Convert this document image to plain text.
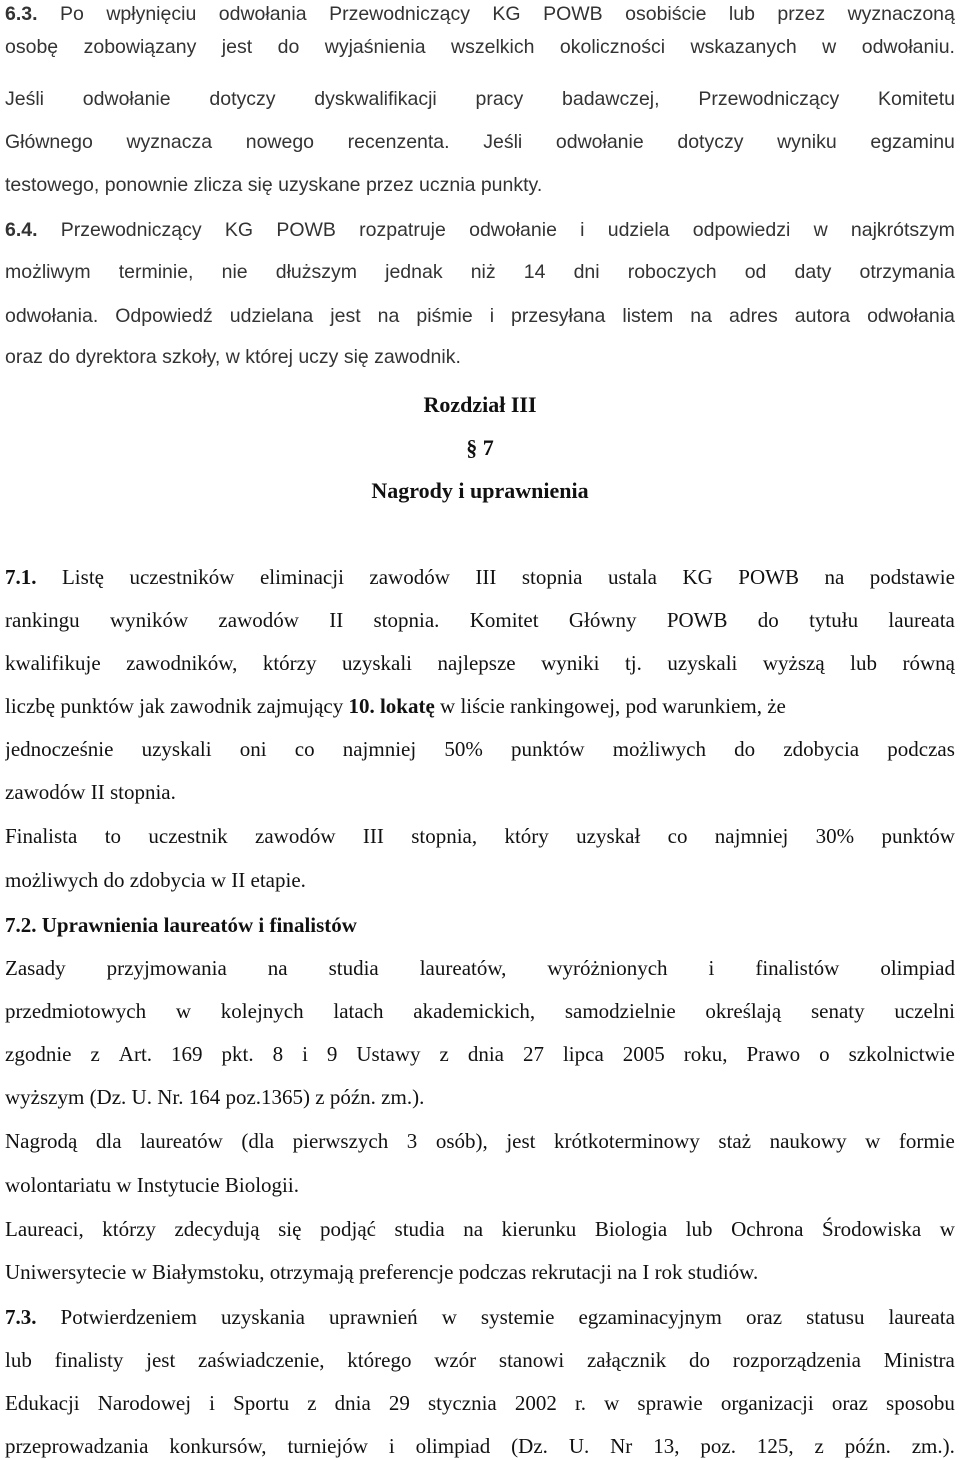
6.3. Po wpłynięciu odwołania Przewodniczący KG POWB osobiście lub przez wyznaczoną
osobę zobowiązany jest do wyjaśnienia wszelkich okoliczności wskazanych w odwołaniu.
Jeśli odwołanie dotyczy dyskwalifikacji pracy badawczej, Przewodniczący Komitetu
Głównego wyznacza nowego recenzenta. Jeśli odwołanie dotyczy wyniku egzaminu
testowego, ponownie zlicza się uzyskane przez ucznia punkty.
6.4. Przewodniczący KG POWB rozpatruje odwołanie i udziela odpowiedzi w najkrótszym
możliwym terminie, nie dłuższym jednak niż 14 dni roboczych od daty otrzymania
odwołania. Odpowiedź udzielana jest na piśmie i przesyłana listem na adres autora odwołania
oraz do dyrektora szkoły, w której uczy się zawodnik.
Rozdział III
§ 7
Nagrody i uprawnienia
7.1. Listę uczestników eliminacji zawodów III stopnia ustala KG POWB na podstawie
rankingu wyników zawodów II stopnia. Komitet Główny POWB do tytułu laureata
kwalifikuje zawodników, którzy uzyskali najlepsze wyniki tj. uzyskali wyższą lub równą
liczbę punktów jak zawodnik zajmujący 10. lokatę w liście rankingowej, pod warunkiem, że
jednocześnie uzyskali oni co najmniej 50% punktów możliwych do zdobycia podczas
zawodów II stopnia.
Finalista to uczestnik zawodów III stopnia, który uzyskał co najmniej 30% punktów
możliwych do zdobycia w II etapie.
7.2. Uprawnienia laureatów i finalistów
Zasady przyjmowania na studia laureatów, wyróżnionych i finalistów olimpiad
przedmiotowych w kolejnych latach akademickich, samodzielnie określają senaty uczelni
zgodnie z Art. 169 pkt. 8 i 9 Ustawy z dnia 27 lipca 2005 roku, Prawo o szkolnictwie
wyższym (Dz. U. Nr. 164 poz.1365) z późn. zm.).
Nagrodą dla laureatów (dla pierwszych 3 osób), jest krótkoterminowy staż naukowy w formie
wolontariatu w Instytucie Biologii.
Laureaci, którzy zdecydują się podjąć studia na kierunku Biologia lub Ochrona Środowiska w
Uniwersytecie w Białymstoku, otrzymają preferencje podczas rekrutacji na I rok studiów.
7.3. Potwierdzeniem uzyskania uprawnień w systemie egzaminacyjnym oraz statusu laureata
lub finalisty jest zaświadczenie, którego wzór stanowi załącznik do rozporządzenia Ministra
Edukacji Narodowej i Sportu z dnia 29 stycznia 2002 r. w sprawie organizacji oraz sposobu
przeprowadzania konkursów, turniejów i olimpiad (Dz. U. Nr 13, poz. 125, z późn. zm.).
